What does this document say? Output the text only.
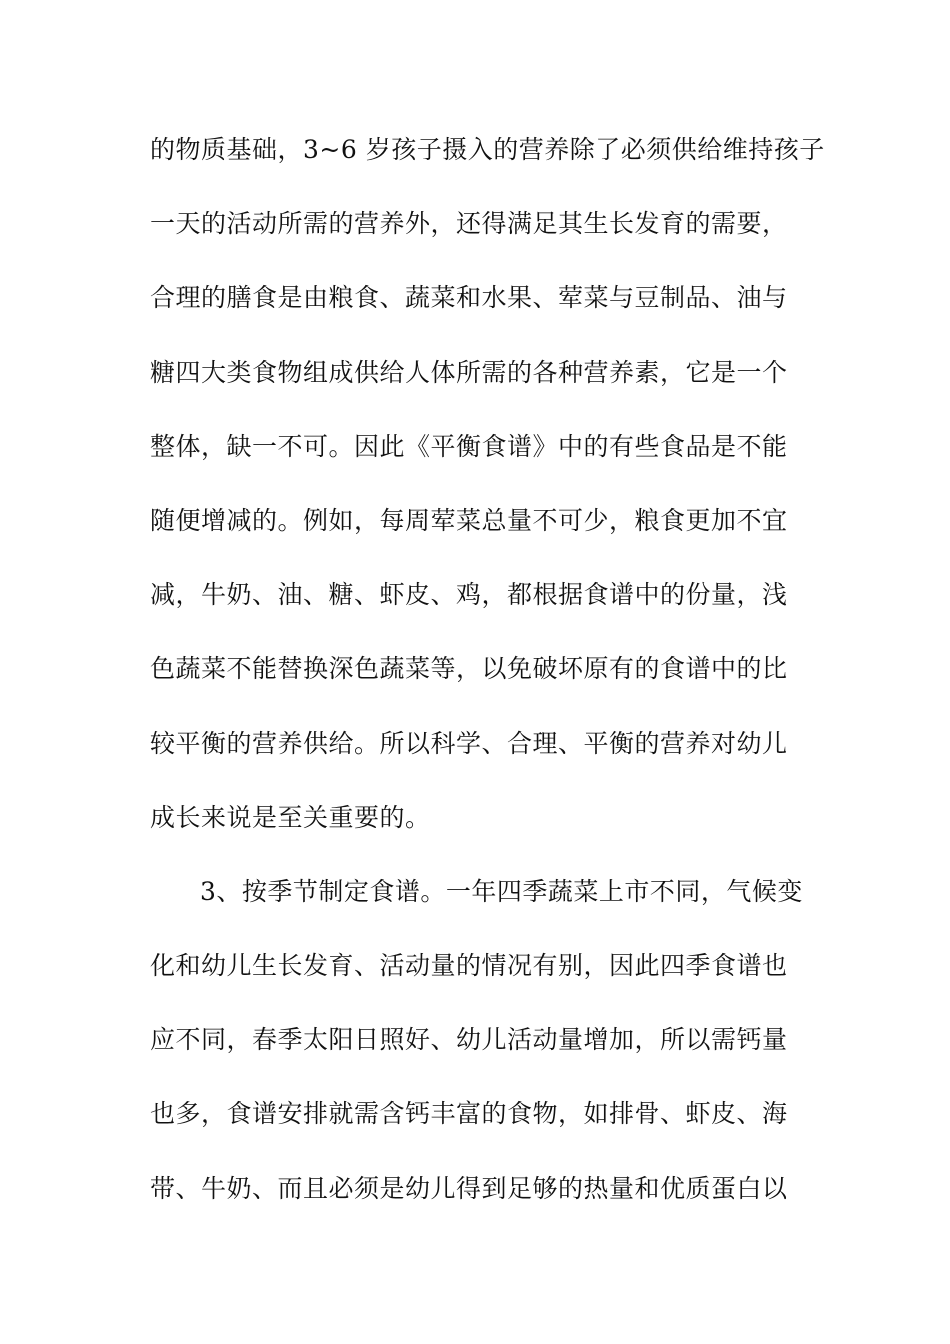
的物质基础，3~6 岁孩子摄入的营养除了必须供给维持孩子
一天的活动所需的营养外，还得满足其生长发育的需要，
合理的膳食是由粮食、蔬菜和水果、荤菜与豆制品、油与
糖四大类食物组成供给人体所需的各种营养素，它是一个
整体，缺一不可。因此《平衡食谱》中的有些食品是不能
随便增减的。例如，每周荤菜总量不可少，粮食更加不宜
减，牛奶、油、糖、虾皮、鸡，都根据食谱中的份量，浅
色蔬菜不能替换深色蔬菜等，以免破坏原有的食谱中的比
较平衡的营养供给。所以科学、合理、平衡的营养对幼儿
成长来说是至关重要的。
3、按季节制定食谱。一年四季蔬菜上市不同，气候变
化和幼儿生长发育、活动量的情况有别，因此四季食谱也
应不同，春季太阳日照好、幼儿活动量增加，所以需钙量
也多，食谱安排就需含钙丰富的食物，如排骨、虾皮、海
带、牛奶、而且必须是幼儿得到足够的热量和优质蛋白以
